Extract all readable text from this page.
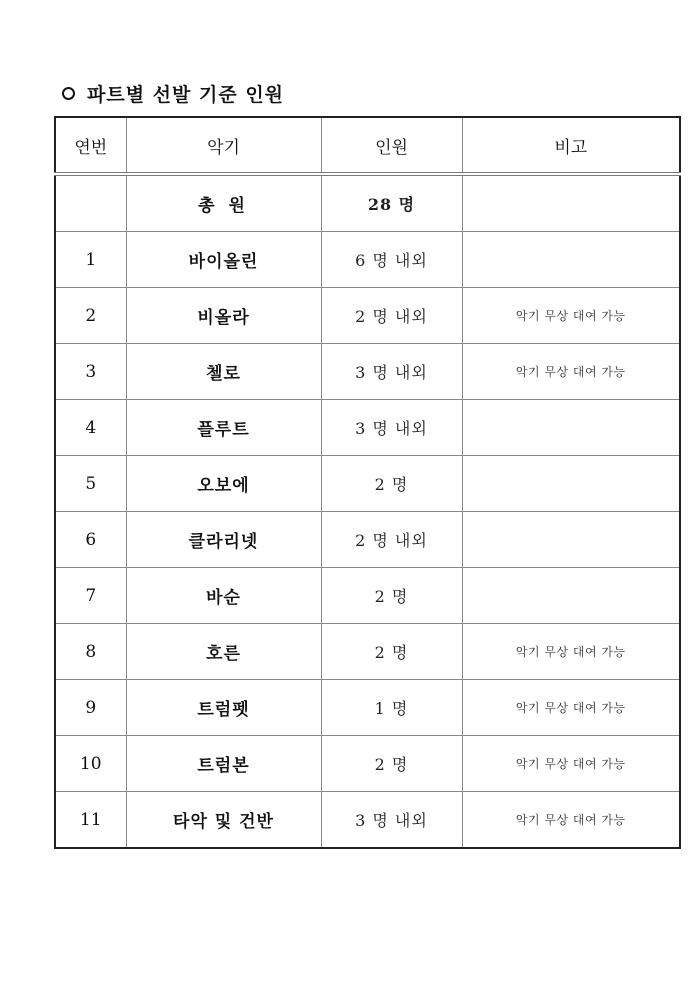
파트별 선발 기준 인원
연번	악기	인원	비고
	총 원	28 명	
1	바이올린	6 명 내외	
2	비올라	2 명 내외	악기 무상 대여 가능
3	첼로	3 명 내외	악기 무상 대여 가능
4	플루트	3 명 내외	
5	오보에	2 명	
6	클라리넷	2 명 내외	
7	바순	2 명	
8	호른	2 명	악기 무상 대여 가능
9	트럼펫	1 명	악기 무상 대여 가능
10	트럼본	2 명	악기 무상 대여 가능
11	타악 및 건반	3 명 내외	악기 무상 대여 가능
